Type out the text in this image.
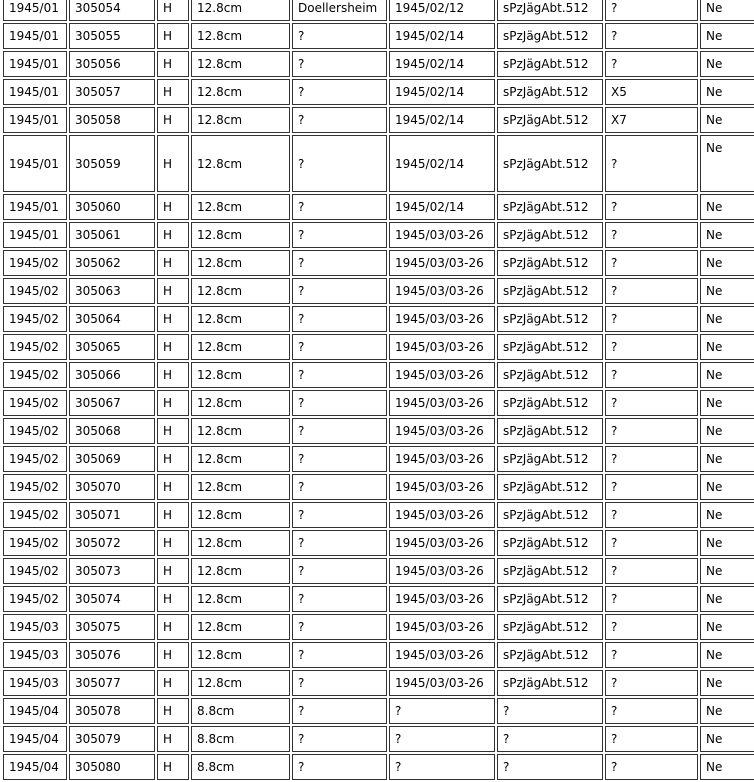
1945/01	305054	H	12.8cm	Doellersheim	1945/02/12	sPzJägAbt.512	?	Ne
1945/01	305055	H	12.8cm	?	1945/02/14	sPzJägAbt.512	?	Ne
1945/01	305056	H	12.8cm	?	1945/02/14	sPzJägAbt.512	?	Ne
1945/01	305057	H	12.8cm	?	1945/02/14	sPzJägAbt.512	X5	Ne
1945/01	305058	H	12.8cm	?	1945/02/14	sPzJägAbt.512	X7	Ne
1945/01	305059	H	12.8cm	?	1945/02/14	sPzJägAbt.512	?	Ne
1945/01	305060	H	12.8cm	?	1945/02/14	sPzJägAbt.512	?	Ne
1945/01	305061	H	12.8cm	?	1945/03/03-26	sPzJägAbt.512	?	Ne
1945/02	305062	H	12.8cm	?	1945/03/03-26	sPzJägAbt.512	?	Ne
1945/02	305063	H	12.8cm	?	1945/03/03-26	sPzJägAbt.512	?	Ne
1945/02	305064	H	12.8cm	?	1945/03/03-26	sPzJägAbt.512	?	Ne
1945/02	305065	H	12.8cm	?	1945/03/03-26	sPzJägAbt.512	?	Ne
1945/02	305066	H	12.8cm	?	1945/03/03-26	sPzJägAbt.512	?	Ne
1945/02	305067	H	12.8cm	?	1945/03/03-26	sPzJägAbt.512	?	Ne
1945/02	305068	H	12.8cm	?	1945/03/03-26	sPzJägAbt.512	?	Ne
1945/02	305069	H	12.8cm	?	1945/03/03-26	sPzJägAbt.512	?	Ne
1945/02	305070	H	12.8cm	?	1945/03/03-26	sPzJägAbt.512	?	Ne
1945/02	305071	H	12.8cm	?	1945/03/03-26	sPzJägAbt.512	?	Ne
1945/02	305072	H	12.8cm	?	1945/03/03-26	sPzJägAbt.512	?	Ne
1945/02	305073	H	12.8cm	?	1945/03/03-26	sPzJägAbt.512	?	Ne
1945/02	305074	H	12.8cm	?	1945/03/03-26	sPzJägAbt.512	?	Ne
1945/03	305075	H	12.8cm	?	1945/03/03-26	sPzJägAbt.512	?	Ne
1945/03	305076	H	12.8cm	?	1945/03/03-26	sPzJägAbt.512	?	Ne
1945/03	305077	H	12.8cm	?	1945/03/03-26	sPzJägAbt.512	?	Ne
1945/04	305078	H	8.8cm	?	?	?	?	Ne
1945/04	305079	H	8.8cm	?	?	?	?	Ne
1945/04	305080	H	8.8cm	?	?	?	?	Ne
